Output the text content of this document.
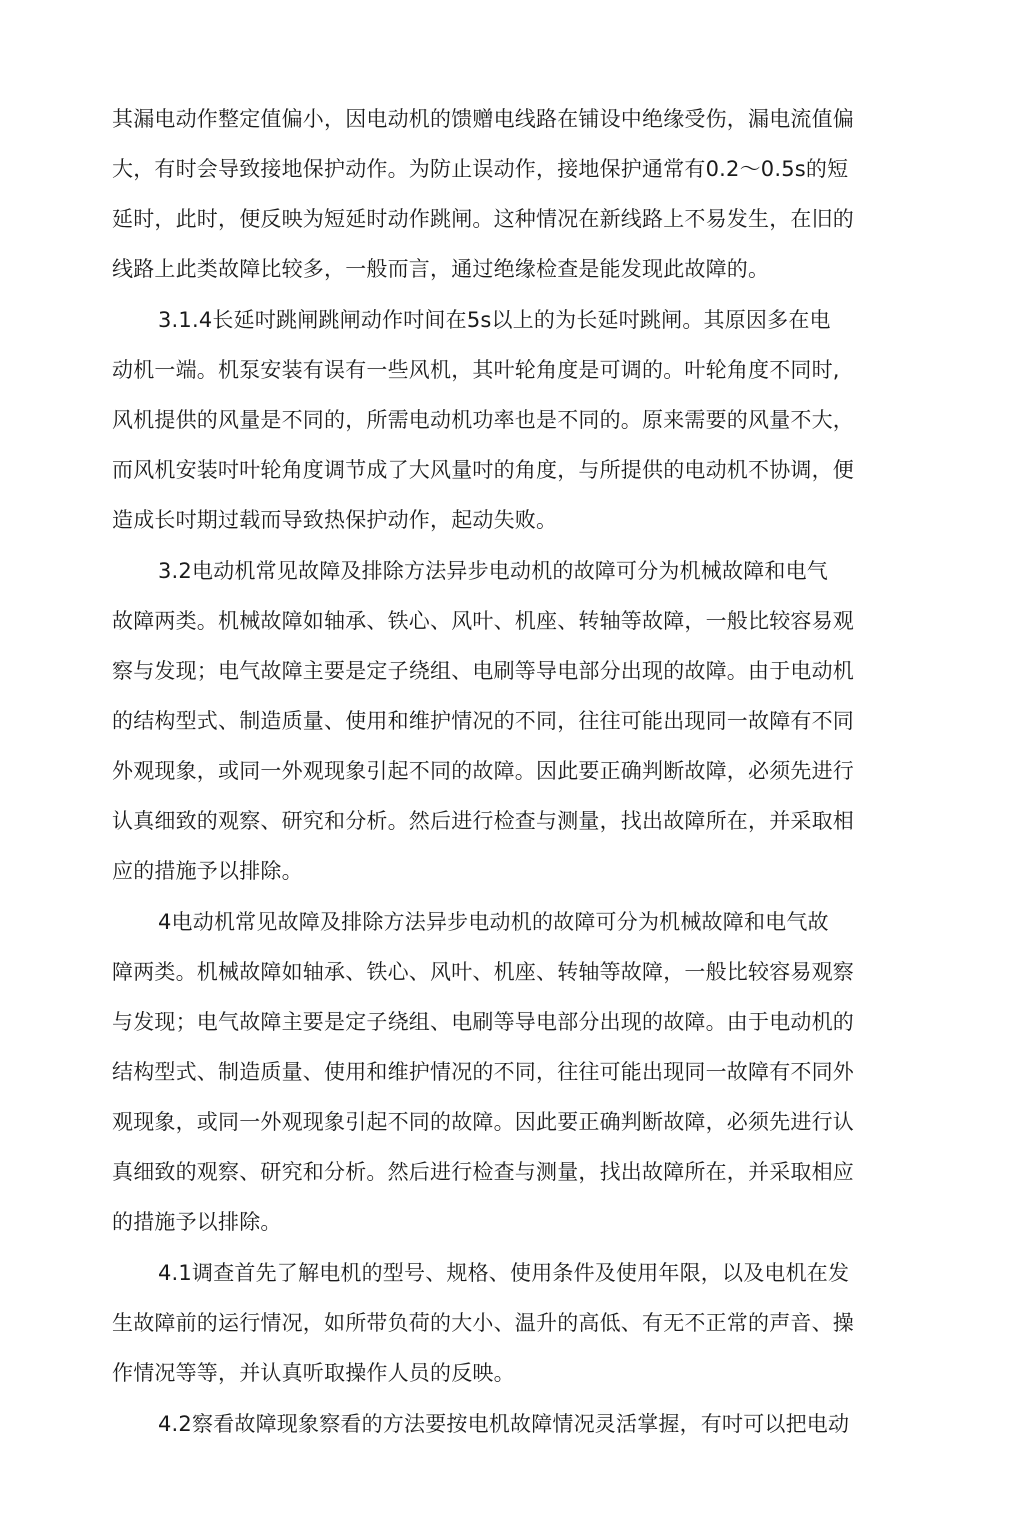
其漏电动作整定值偏小，因电动机的馈赠电线路在铺设中绝缘受伤，漏电流值偏
大，有时会导致接地保护动作。为防止误动作，接地保护通常有0.2～0.5s的短
延时，此时，便反映为短延时动作跳闸。这种情况在新线路上不易发生，在旧的
线路上此类故障比较多，一般而言，通过绝缘检查是能发现此故障的。
3.1.4长延吋跳闸跳闸动作吋间在5s以上的为长延吋跳闸。其原因多在电
动机一端。机泵安装有误有一些风机，其叶轮角度是可调的。叶轮角度不同时,
风机提供的风量是不同的，所需电动机功率也是不同的。原来需要的风量不大，
而风机安装吋叶轮角度调节成了大风量吋的角度，与所提供的电动机不协调，便
造成长吋期过载而导致热保护动作，起动失败。
3.2电动机常见故障及排除方法异步电动机的故障可分为机械故障和电气
故障两类。机械故障如轴承、铁心、风叶、机座、转轴等故障，一般比较容易观
察与发现；电气故障主要是定子绕组、电刷等导电部分出现的故障。由于电动机
的结构型式、制造质量、使用和维护情况的不同，往往可能出现同一故障有不同
外观现象，或同一外观现象引起不同的故障。因此要正确判断故障，必须先进行
认真细致的观察、研究和分析。然后进行检查与测量，找出故障所在，并采取相
应的措施予以排除。
4电动机常见故障及排除方法异步电动机的故障可分为机械故障和电气故
障两类。机械故障如轴承、铁心、风叶、机座、转轴等故障，一般比较容易观察
与发现；电气故障主要是定子绕组、电刷等导电部分出现的故障。由于电动机的
结构型式、制造质量、使用和维护情况的不同，往往可能出现同一故障有不同外
观现象，或同一外观现象引起不同的故障。因此要正确判断故障，必须先进行认
真细致的观察、研究和分析。然后进行检查与测量，找出故障所在，并采取相应
的措施予以排除。
4.1调查首先了解电机的型号、规格、使用条件及使用年限，以及电机在发
生故障前的运行情况，如所带负荷的大小、温升的高低、有无不正常的声音、操
作情况等等，并认真听取操作人员的反映。
4.2察看故障现象察看的方法要按电机故障情况灵活掌握，有吋可以把电动
